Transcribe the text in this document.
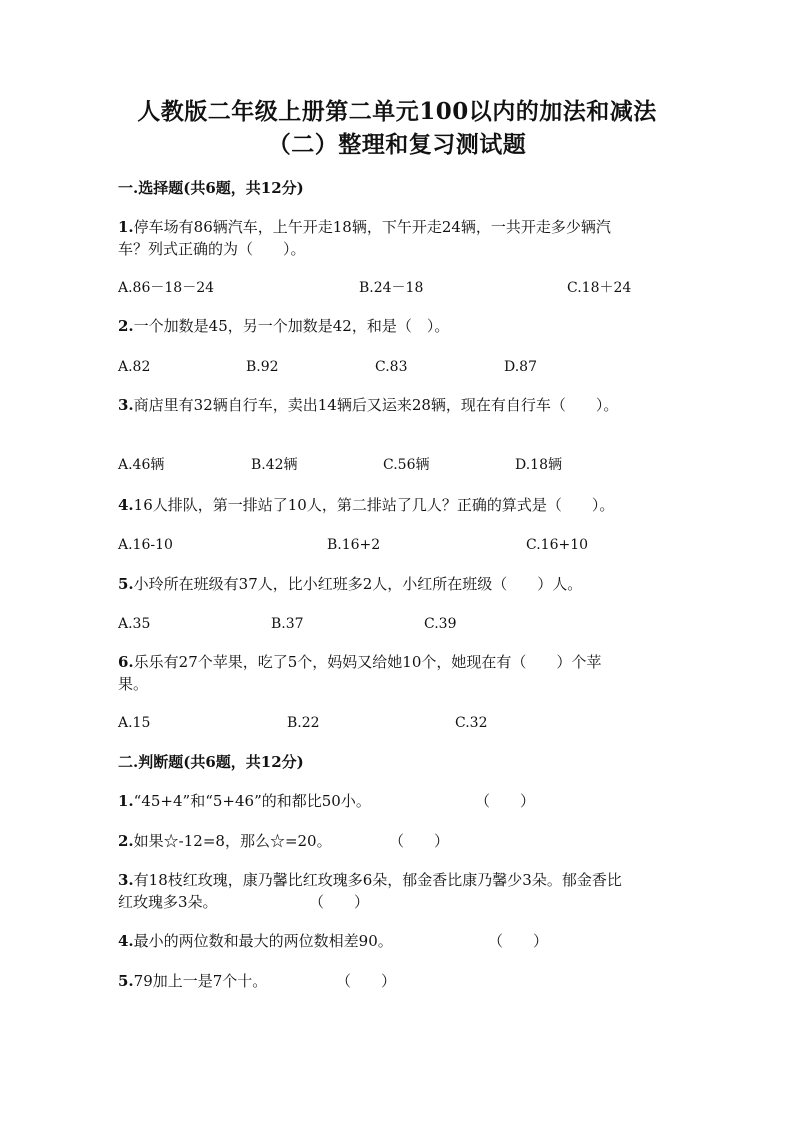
人教版二年级上册第二单元100以内的加法和减法
（二）整理和复习测试题
一.选择题(共6题，共12分)
1.停车场有86辆汽车，上午开走18辆，下午开走24辆，一共开走多少辆汽
车？列式正确的为（　　）。
A.86－18－24	B.24－18	C.18＋24
2.一个加数是45，另一个加数是42，和是（　）。
A.82	B.92	C.83	D.87
3.商店里有32辆自行车，卖出14辆后又运来28辆，现在有自行车（　　）。
A.46辆	B.42辆	C.56辆	D.18辆
4.16人排队，第一排站了10人，第二排站了几人？正确的算式是（　　）。
A.16-10	B.16+2	C.16+10
5.小玲所在班级有37人，比小红班多2人，小红所在班级（　　）人。
A.35	B.37	C.39
6.乐乐有27个苹果，吃了5个，妈妈又给她10个，她现在有（　　）个苹
果。
A.15	B.22	C.32
二.判断题(共6题，共12分)
1.“45+4”和“5+46”的和都比50小。	（　　）
2.如果☆-12=8，那么☆=20。	（　　）
3.有18枝红玫瑰，康乃馨比红玫瑰多6朵，郁金香比康乃馨少3朵。郁金香比
红玫瑰多3朵。	（　　）
4.最小的两位数和最大的两位数相差90。	（　　）
5.79加上一是7个十。	（　　）
